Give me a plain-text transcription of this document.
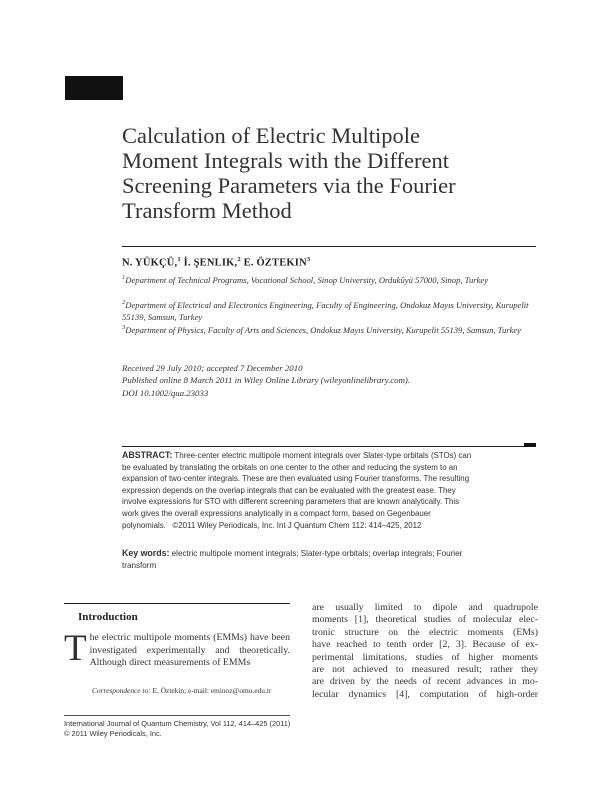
Calculation of Electric Multipole
Moment Integrals with the Different
Screening Parameters via the Fourier
Transform Method
N. YÜKÇÜ,$^1$ İ. ŞENLIK,$^2$ E. ÖZTEKIN$^3$
$^1$Department of Technical Programs, Vocational School, Sinop University, Ordukûyü 57000, Sinop, Turkey
$^2$Department of Electrical and Electronics Engineering, Faculty of Engineering, Ondokuz Mayıs University, Kurupelit 55139, Samsun, Turkey
$^3$Department of Physics, Faculty of Arts and Sciences, Ondokuz Mayıs University, Kurupelit 55139, Samsun, Turkey
Received 29 July 2010; accepted 7 December 2010
Published online 8 March 2011 in Wiley Online Library (wileyonlinelibrary.com).
DOI 10.1002/qua.23033
ABSTRACT: Three-center electric multipole moment integrals over Slater-type orbitals (STOs) can be evaluated by translating the orbitals on one center to the other and reducing the system to an expansion of two-center integrals. These are then evaluated using Fourier transforms. The resulting expression depends on the overlap integrals that can be evaluated with the greatest ease. They involve expressions for STO with different screening parameters that are known analytically. This work gives the overall expressions analytically in a compact form, based on Gegenbauer polynomials.   ©2011 Wiley Periodicals, Inc. Int J Quantum Chem 112: 414–425, 2012
Key words: electric multipole moment integrals; Slater-type orbitals; overlap integrals; Fourier transform
Introduction
The electric multipole moments (EMMs) have been investigated experimentally and theoretically. Although direct measurements of EMMs
Correspondence to: E. Öztekin; e-mail: eminoz@omu.edu.tr
are usually limited to dipole and quadrupole
moments [1], theoretical studies of molecular elec-
tronic structure on the electric moments (EMs)
have reached to tenth order [2, 3]. Because of ex-
perimental limitations, studies of higher moments
are not achieved to measured result; rather they
are driven by the needs of recent advances in mo-
lecular dynamics [4], computation of high-order
International Journal of Quantum Chemistry, Vol 112, 414–425 (2011)
© 2011 Wiley Periodicals, Inc.
